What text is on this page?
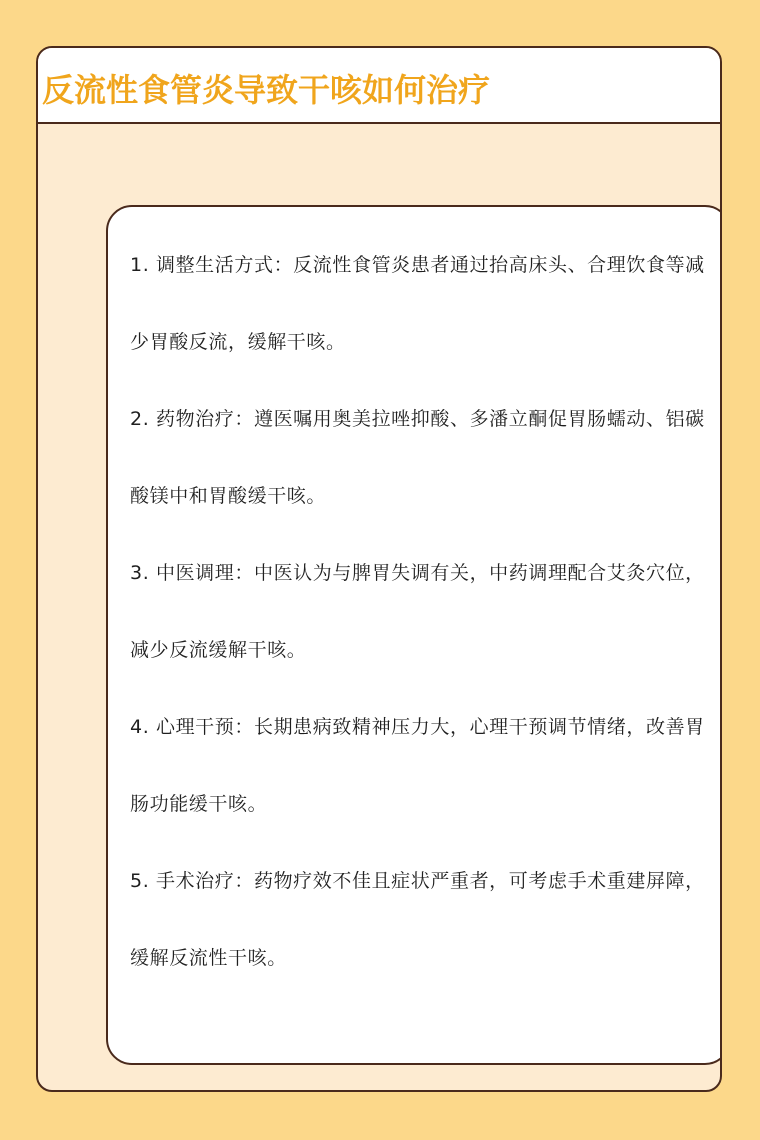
反流性食管炎导致干咳如何治疗
1. 调整生活方式：反流性食管炎患者通过抬高床头、合理饮食等减少胃酸反流，缓解干咳。
2. 药物治疗：遵医嘱用奥美拉唑抑酸、多潘立酮促胃肠蠕动、铝碳酸镁中和胃酸缓干咳。
3. 中医调理：中医认为与脾胃失调有关，中药调理配合艾灸穴位，减少反流缓解干咳。
4. 心理干预：长期患病致精神压力大，心理干预调节情绪，改善胃肠功能缓干咳。
5. 手术治疗：药物疗效不佳且症状严重者，可考虑手术重建屏障，缓解反流性干咳。
